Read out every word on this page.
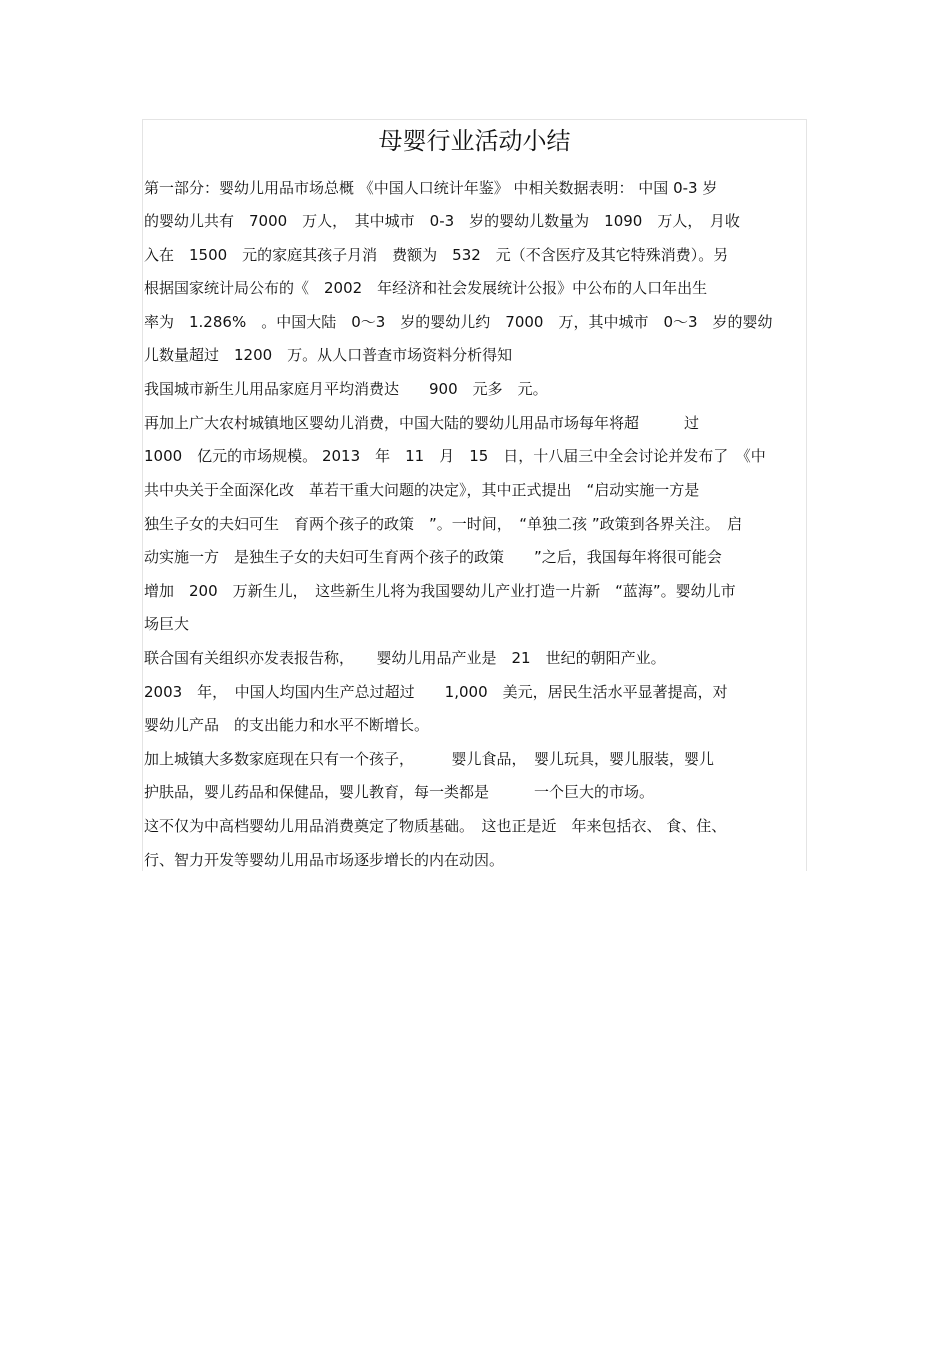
母婴行业活动小结

第一部分：婴幼儿用品市场总概 《中国人口统计年鉴》 中相关数据表明： 中国 0-3 岁

的婴幼儿共有　7000　万人，　其中城市　0-3　岁的婴幼儿数量为　1090　万人，　月收

入在　1500　元的家庭其孩子月消　费额为　532　元（不含医疗及其它特殊消费）。另

根据国家统计局公布的《　2002　年经济和社会发展统计公报》中公布的人口年出生

率为　1.286%　。中国大陆　0～3　岁的婴幼儿约　7000　万，其中城市　0～3　岁的婴幼

儿数量超过　1200　万。从人口普查市场资料分析得知

我国城市新生儿用品家庭月平均消费达　　900　元多　元。

再加上广大农村城镇地区婴幼儿消费，中国大陆的婴幼儿用品市场每年将超　　　过

1000　亿元的市场规模。 2013　年　11　月　15　日，十八届三中全会讨论并发布了　《中

共中央关于全面深化改　革若干重大问题的决定》，其中正式提出　“启动实施一方是

独生子女的夫妇可生　育两个孩子的政策　”。一时间，　“单独二孩 ”政策到各界关注。　启

动实施一方　是独生子女的夫妇可生育两个孩子的政策　　”之后，我国每年将很可能会

增加　200　万新生儿，　这些新生儿将为我国婴幼儿产业打造一片新　“蓝海”。婴幼儿市

场巨大

联合国有关组织亦发表报告称，　　婴幼儿用品产业是　21　世纪的朝阳产业。

2003　年，　中国人均国内生产总过超过　　1,000　美元，居民生活水平显著提高，对

婴幼儿产品　的支出能力和水平不断增长。

加上城镇大多数家庭现在只有一个孩子，　　　婴儿食品，　婴儿玩具，婴儿服装，婴儿

护肤品，婴儿药品和保健品，婴儿教育，每一类都是　　　一个巨大的市场。

这不仅为中高档婴幼儿用品消费奠定了物质基础。　这也正是近　年来包括衣、 食、住、

行、智力开发等婴幼儿用品市场逐步增长的内在动因。
